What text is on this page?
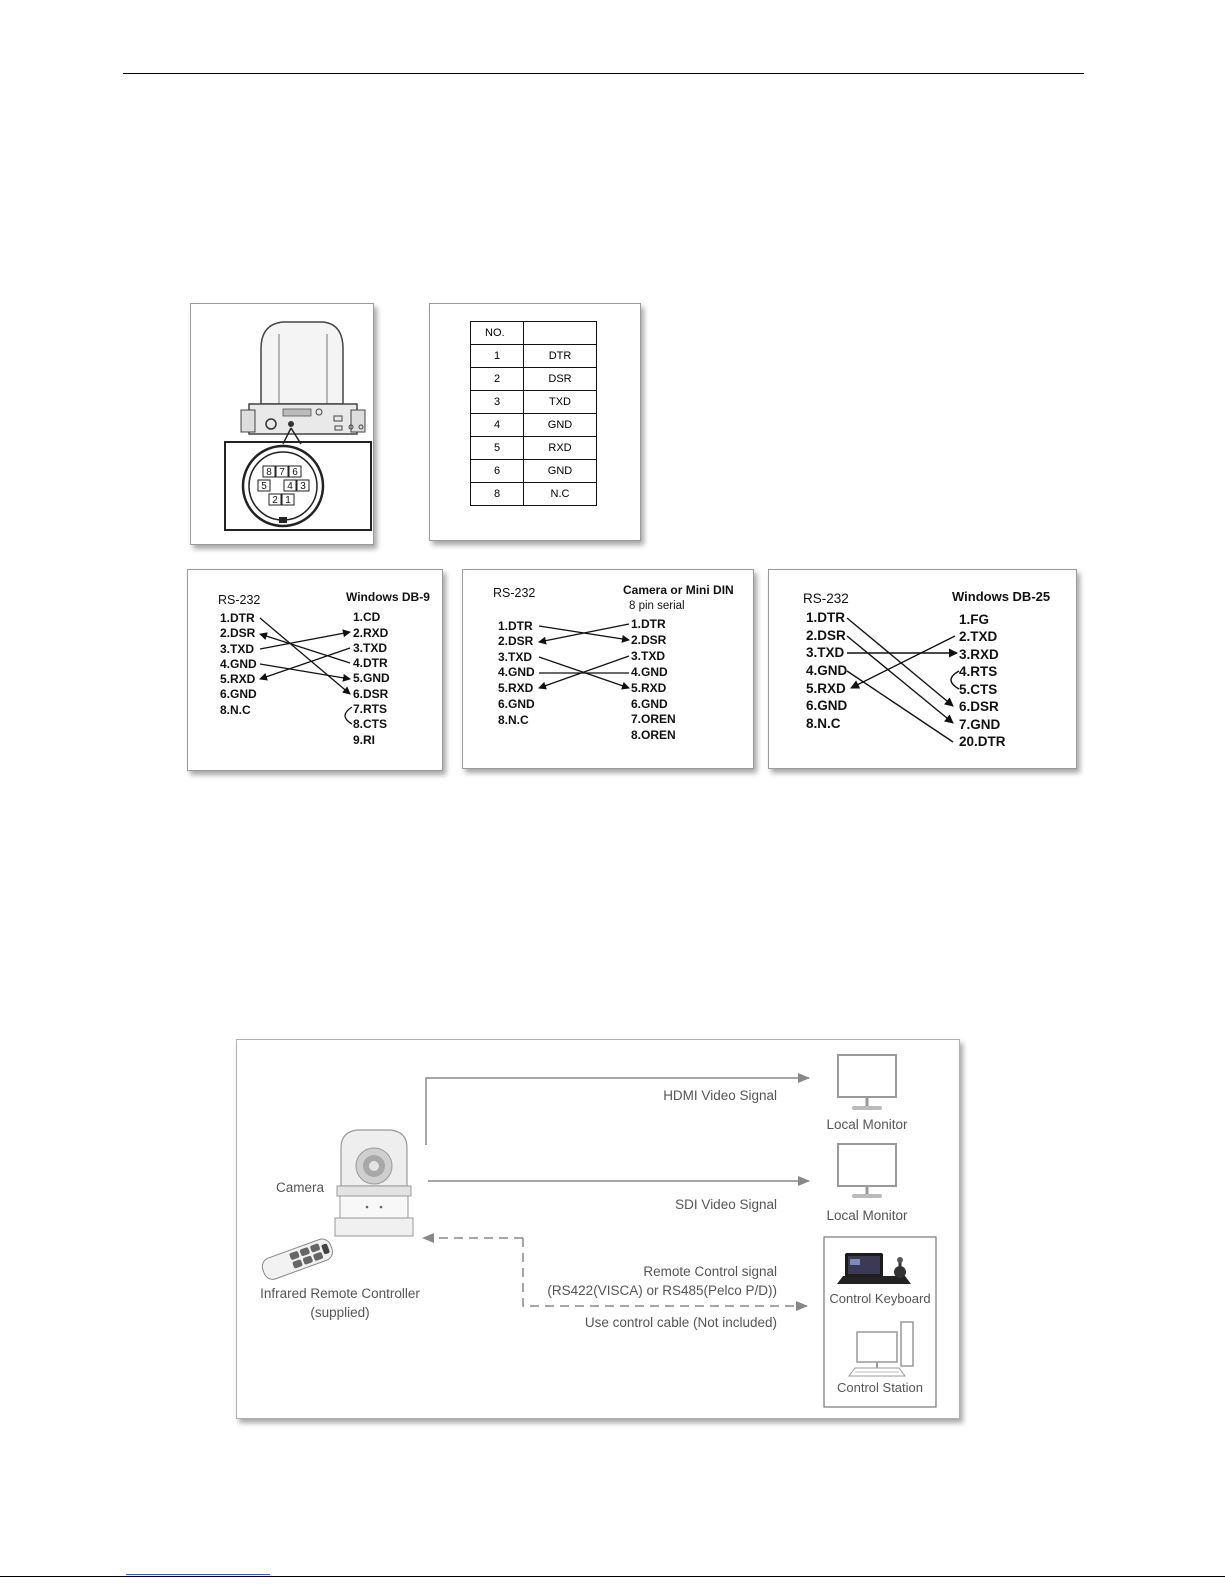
8 7 6
5 4 3
2 1
NO.	
1	DTR
2	DSR
3	TXD
4	GND
5	RXD
6	GND
8	N.C
RS-232	Windows DB-9
1.DTR
2.DSR
3.TXD
4.GND
5.RXD
6.GND
8.N.C
1.CD
2.RXD
3.TXD
4.DTR
5.GND
6.DSR
7.RTS
8.CTS
9.RI
RS-232	Camera or Mini DIN
8 pin serial
1.DTR
2.DSR
3.TXD
4.GND
5.RXD
6.GND
8.N.C
1.DTR
2.DSR
3.TXD
4.GND
5.RXD
6.GND
7.OREN
8.OREN
RS-232	Windows DB-25
1.DTR
2.DSR
3.TXD
4.GND
5.RXD
6.GND
8.N.C
1.FG
2.TXD
3.RXD
4.RTS
5.CTS
6.DSR
7.GND
20.DTR
HDMI Video Signal
SDI Video Signal
Camera
Infrared Remote Controller
(supplied)
Local Monitor
Local Monitor
Remote Control signal
(RS422(VISCA) or RS485(Pelco P/D))
Use control cable (Not included)
Control Keyboard
Control Station
